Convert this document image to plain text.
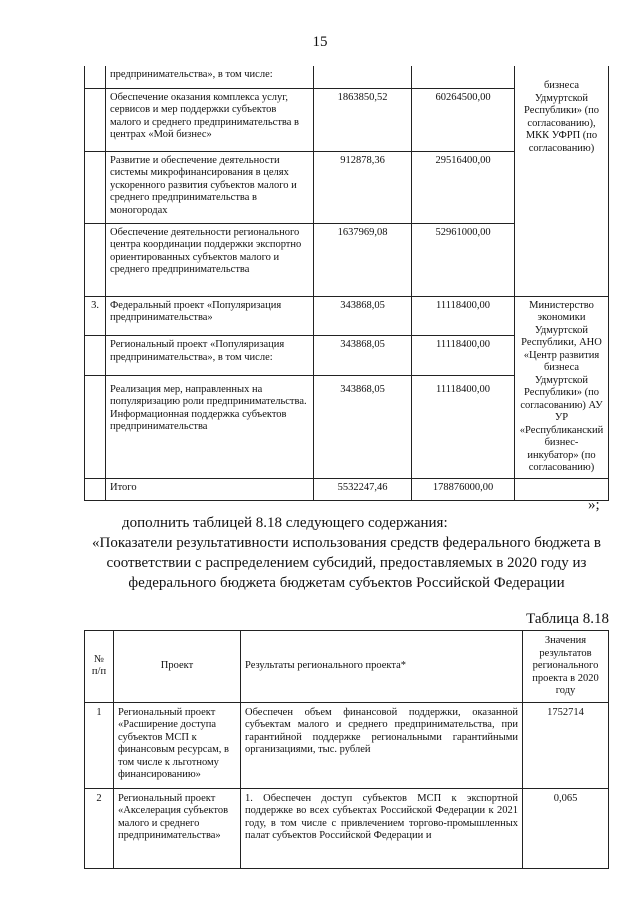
15
	предпринимательства», в том числе:			бизнеса Удмуртской Республики» (по согласованию), МКК УФРП (по согласованию)
	Обеспечение оказания комплекса услуг, сервисов и мер поддержки субъектов малого и среднего предпринимательства в центрах «Мой бизнес»	1863850,52	60264500,00	
	Развитие и обеспечение деятельности системы микрофинансирования в целях ускоренного развития субъектов малого и среднего предпринимательства в моногородах	912878,36	29516400,00	
	Обеспечение деятельности регионального центра координации поддержки экспортно ориентированных субъектов малого и среднего предпринимательства	1637969,08	52961000,00	
3.	Федеральный проект «Популяризация предпринимательства»	343868,05	11118400,00	Министерство экономики Удмуртской Республики, АНО «Центр развития бизнеса Удмуртской Республики» (по согласованию) АУ УР «Республиканский бизнес-инкубатор» (по согласованию)
	Региональный проект «Популяризация предпринимательства», в том числе:	343868,05	11118400,00	
	Реализация мер, направленных на популяризацию роли предпринимательства. Информационная поддержка субъектов предпринимательства	343868,05	11118400,00	
	Итого	5532247,46	178876000,00	
»;
дополнить таблицей 8.18 следующего содержания:
«Показатели результативности использования средств федерального бюджета в соответствии с распределением субсидий, предоставляемых в 2020 году из федерального бюджета бюджетам субъектов Российской Федерации
Таблица 8.18
№ п/п	Проект	Результаты регионального проекта*	Значения результатов регионального проекта в 2020 году
1	Региональный проект «Расширение доступа субъектов МСП к финансовым ресурсам, в том числе к льготному финансированию»	Обеспечен объем финансовой поддержки, оказанной субъектам малого и среднего предпринимательства, при гарантийной поддержке региональными гарантийными организациями, тыс. рублей	1752714
2	Региональный проект «Акселерация субъектов малого и среднего предпринимательства»	1. Обеспечен доступ субъектов МСП к экспортной поддержке во всех субъектах Российской Федерации к 2021 году, в том числе с привлечением торгово-промышленных палат субъектов Российской Федерации и	0,065
